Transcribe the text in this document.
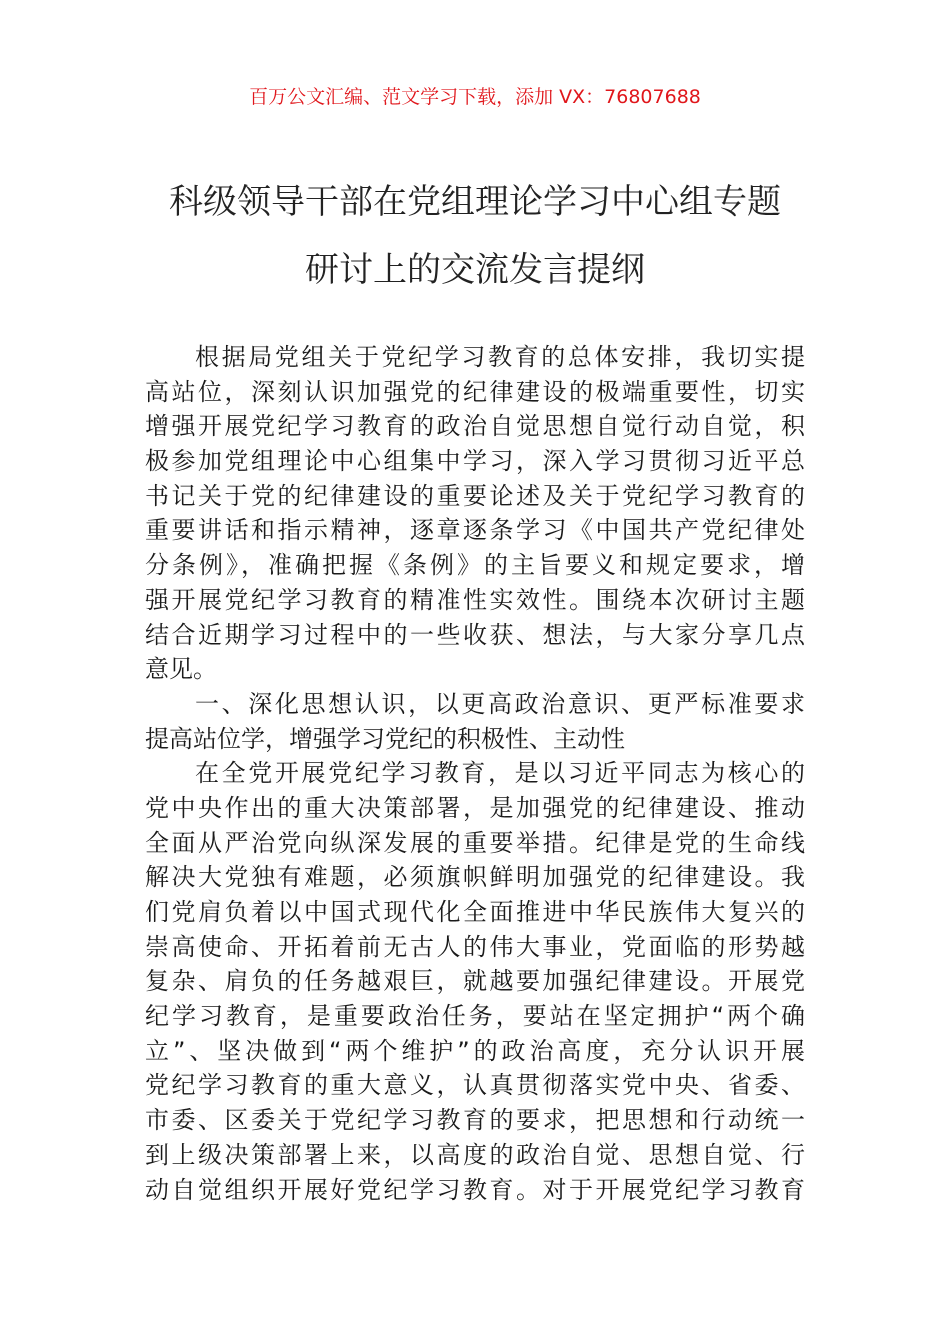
百万公文汇编、范文学习下载，添加 VX：76807688
科级领导干部在党组理论学习中心组专题
研讨上的交流发言提纲
根据局党组关于党纪学习教育的总体安排，我切实提
高站位，深刻认识加强党的纪律建设的极端重要性，切实
增强开展党纪学习教育的政治自觉思想自觉行动自觉，积
极参加党组理论中心组集中学习，深入学习贯彻习近平总
书记关于党的纪律建设的重要论述及关于党纪学习教育的
重要讲话和指示精神，逐章逐条学习《中国共产党纪律处
分条例》，准确把握《条例》的主旨要义和规定要求，增
强开展党纪学习教育的精准性实效性。围绕本次研讨主题
结合近期学习过程中的一些收获、想法，与大家分享几点
意见。
一、深化思想认识，以更高政治意识、更严标准要求
提高站位学，增强学习党纪的积极性、主动性
在全党开展党纪学习教育，是以习近平同志为核心的
党中央作出的重大决策部署，是加强党的纪律建设、推动
全面从严治党向纵深发展的重要举措。纪律是党的生命线
解决大党独有难题，必须旗帜鲜明加强党的纪律建设。我
们党肩负着以中国式现代化全面推进中华民族伟大复兴的
崇高使命、开拓着前无古人的伟大事业，党面临的形势越
复杂、肩负的任务越艰巨，就越要加强纪律建设。开展党
纪学习教育，是重要政治任务，要站在坚定拥护“两个确
立”、坚决做到“两个维护”的政治高度，充分认识开展
党纪学习教育的重大意义，认真贯彻落实党中央、省委、
市委、区委关于党纪学习教育的要求，把思想和行动统一
到上级决策部署上来，以高度的政治自觉、思想自觉、行
动自觉组织开展好党纪学习教育。对于开展党纪学习教育
